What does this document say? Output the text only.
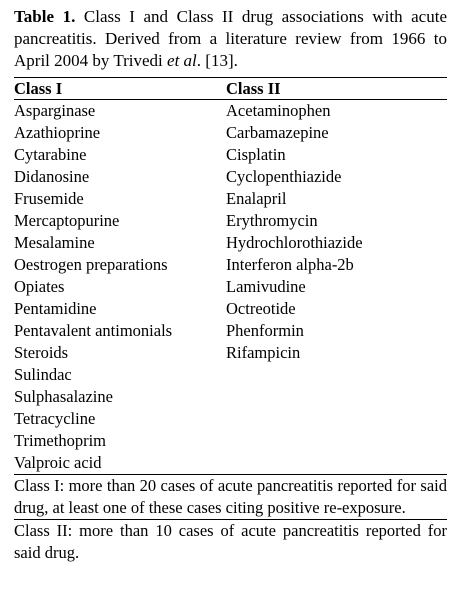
Table 1. Class I and Class II drug associations with acute pancreatitis. Derived from a literature review from 1966 to April 2004 by Trivedi et al. [13].

Class I	Class II
Asparginase	Acetaminophen
Azathioprine	Carbamazepine
Cytarabine	Cisplatin
Didanosine	Cyclopenthiazide
Frusemide	Enalapril
Mercaptopurine	Erythromycin
Mesalamine	Hydrochlorothiazide
Oestrogen preparations	Interferon alpha-2b
Opiates	Lamivudine
Pentamidine	Octreotide
Pentavalent antimonials	Phenformin
Steroids	Rifampicin
Sulindac
Sulphasalazine
Tetracycline
Trimethoprim
Valproic acid

Class I: more than 20 cases of acute pancreatitis reported for said drug, at least one of these cases citing positive re-exposure.

Class II: more than 10 cases of acute pancreatitis reported for said drug.
